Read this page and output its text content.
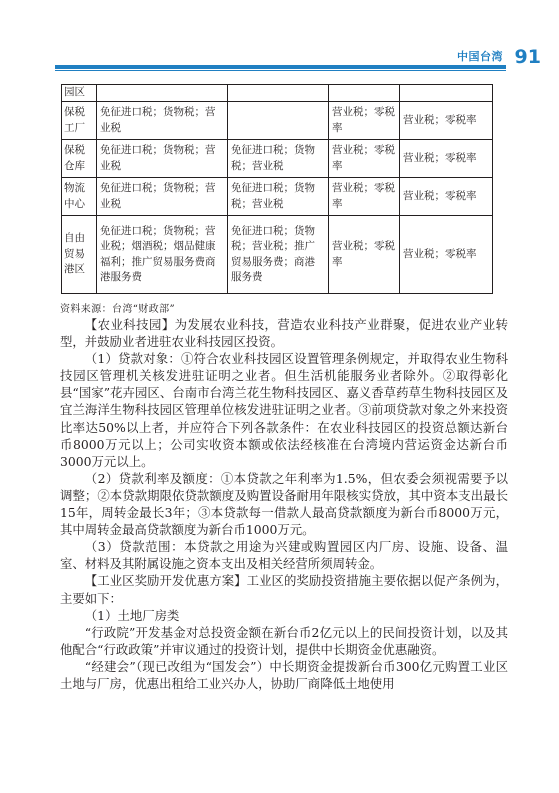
中国台湾 91
园区				
保税工厂	免征进口税；货物税；营业税		营业税；零税率	营业税；零税率
保税仓库	免征进口税；货物税；营业税	免征进口税；货物税；营业税	营业税；零税率	营业税；零税率
物流中心	免征进口税；货物税；营业税	免征进口税；货物税；营业税	营业税；零税率	营业税；零税率
自由贸易港区	免征进口税；货物税；营业税；烟酒税；烟品健康福利；推广贸易服务费商港服务费	免征进口税；货物税；营业税；推广贸易服务费；商港服务费	营业税；零税率	营业税；零税率
资料来源：台湾“财政部”

【农业科技园】为发展农业科技，营造农业科技产业群聚，促进农业产业转型，并鼓励业者进驻农业科技园区投资。

（1）贷款对象：①符合农业科技园区设置管理条例规定，并取得农业生物科技园区管理机关核发进驻证明之业者。但生活机能服务业者除外。②取得彰化县“国家”花卉园区、台南市台湾兰花生物科技园区、嘉义香草药草生物科技园区及宜兰海洋生物科技园区管理单位核发进驻证明之业者。③前项贷款对象之外来投资比率达50%以上者，并应符合下列各款条件：在农业科技园区的投资总额达新台币8000万元以上；公司实收资本额或依法经核准在台湾境内营运资金达新台币3000万元以上。

（2）贷款利率及额度：①本贷款之年利率为1.5%，但农委会须视需要予以调整；②本贷款期限依贷款额度及购置设备耐用年限核实贷放，其中资本支出最长15年，周转金最长3年；③本贷款每一借款人最高贷款额度为新台币8000万元，其中周转金最高贷款额度为新台币1000万元。

（3）贷款范围：本贷款之用途为兴建或购置园区内厂房、设施、设备、温室、材料及其附属设施之资本支出及相关经营所须周转金。

【工业区奖励开发优惠方案】工业区的奖励投资措施主要依据以促产条例为，主要如下：

（1）土地厂房类

“行政院”开发基金对总投资金额在新台币2亿元以上的民间投资计划，以及其他配合“行政政策”并审议通过的投资计划，提供中长期资金优惠融资。

“经建会”（现已改组为“国发会”）中长期资金提拨新台币300亿元购置工业区土地与厂房，优惠出租给工业兴办人，协助厂商降低土地使用
